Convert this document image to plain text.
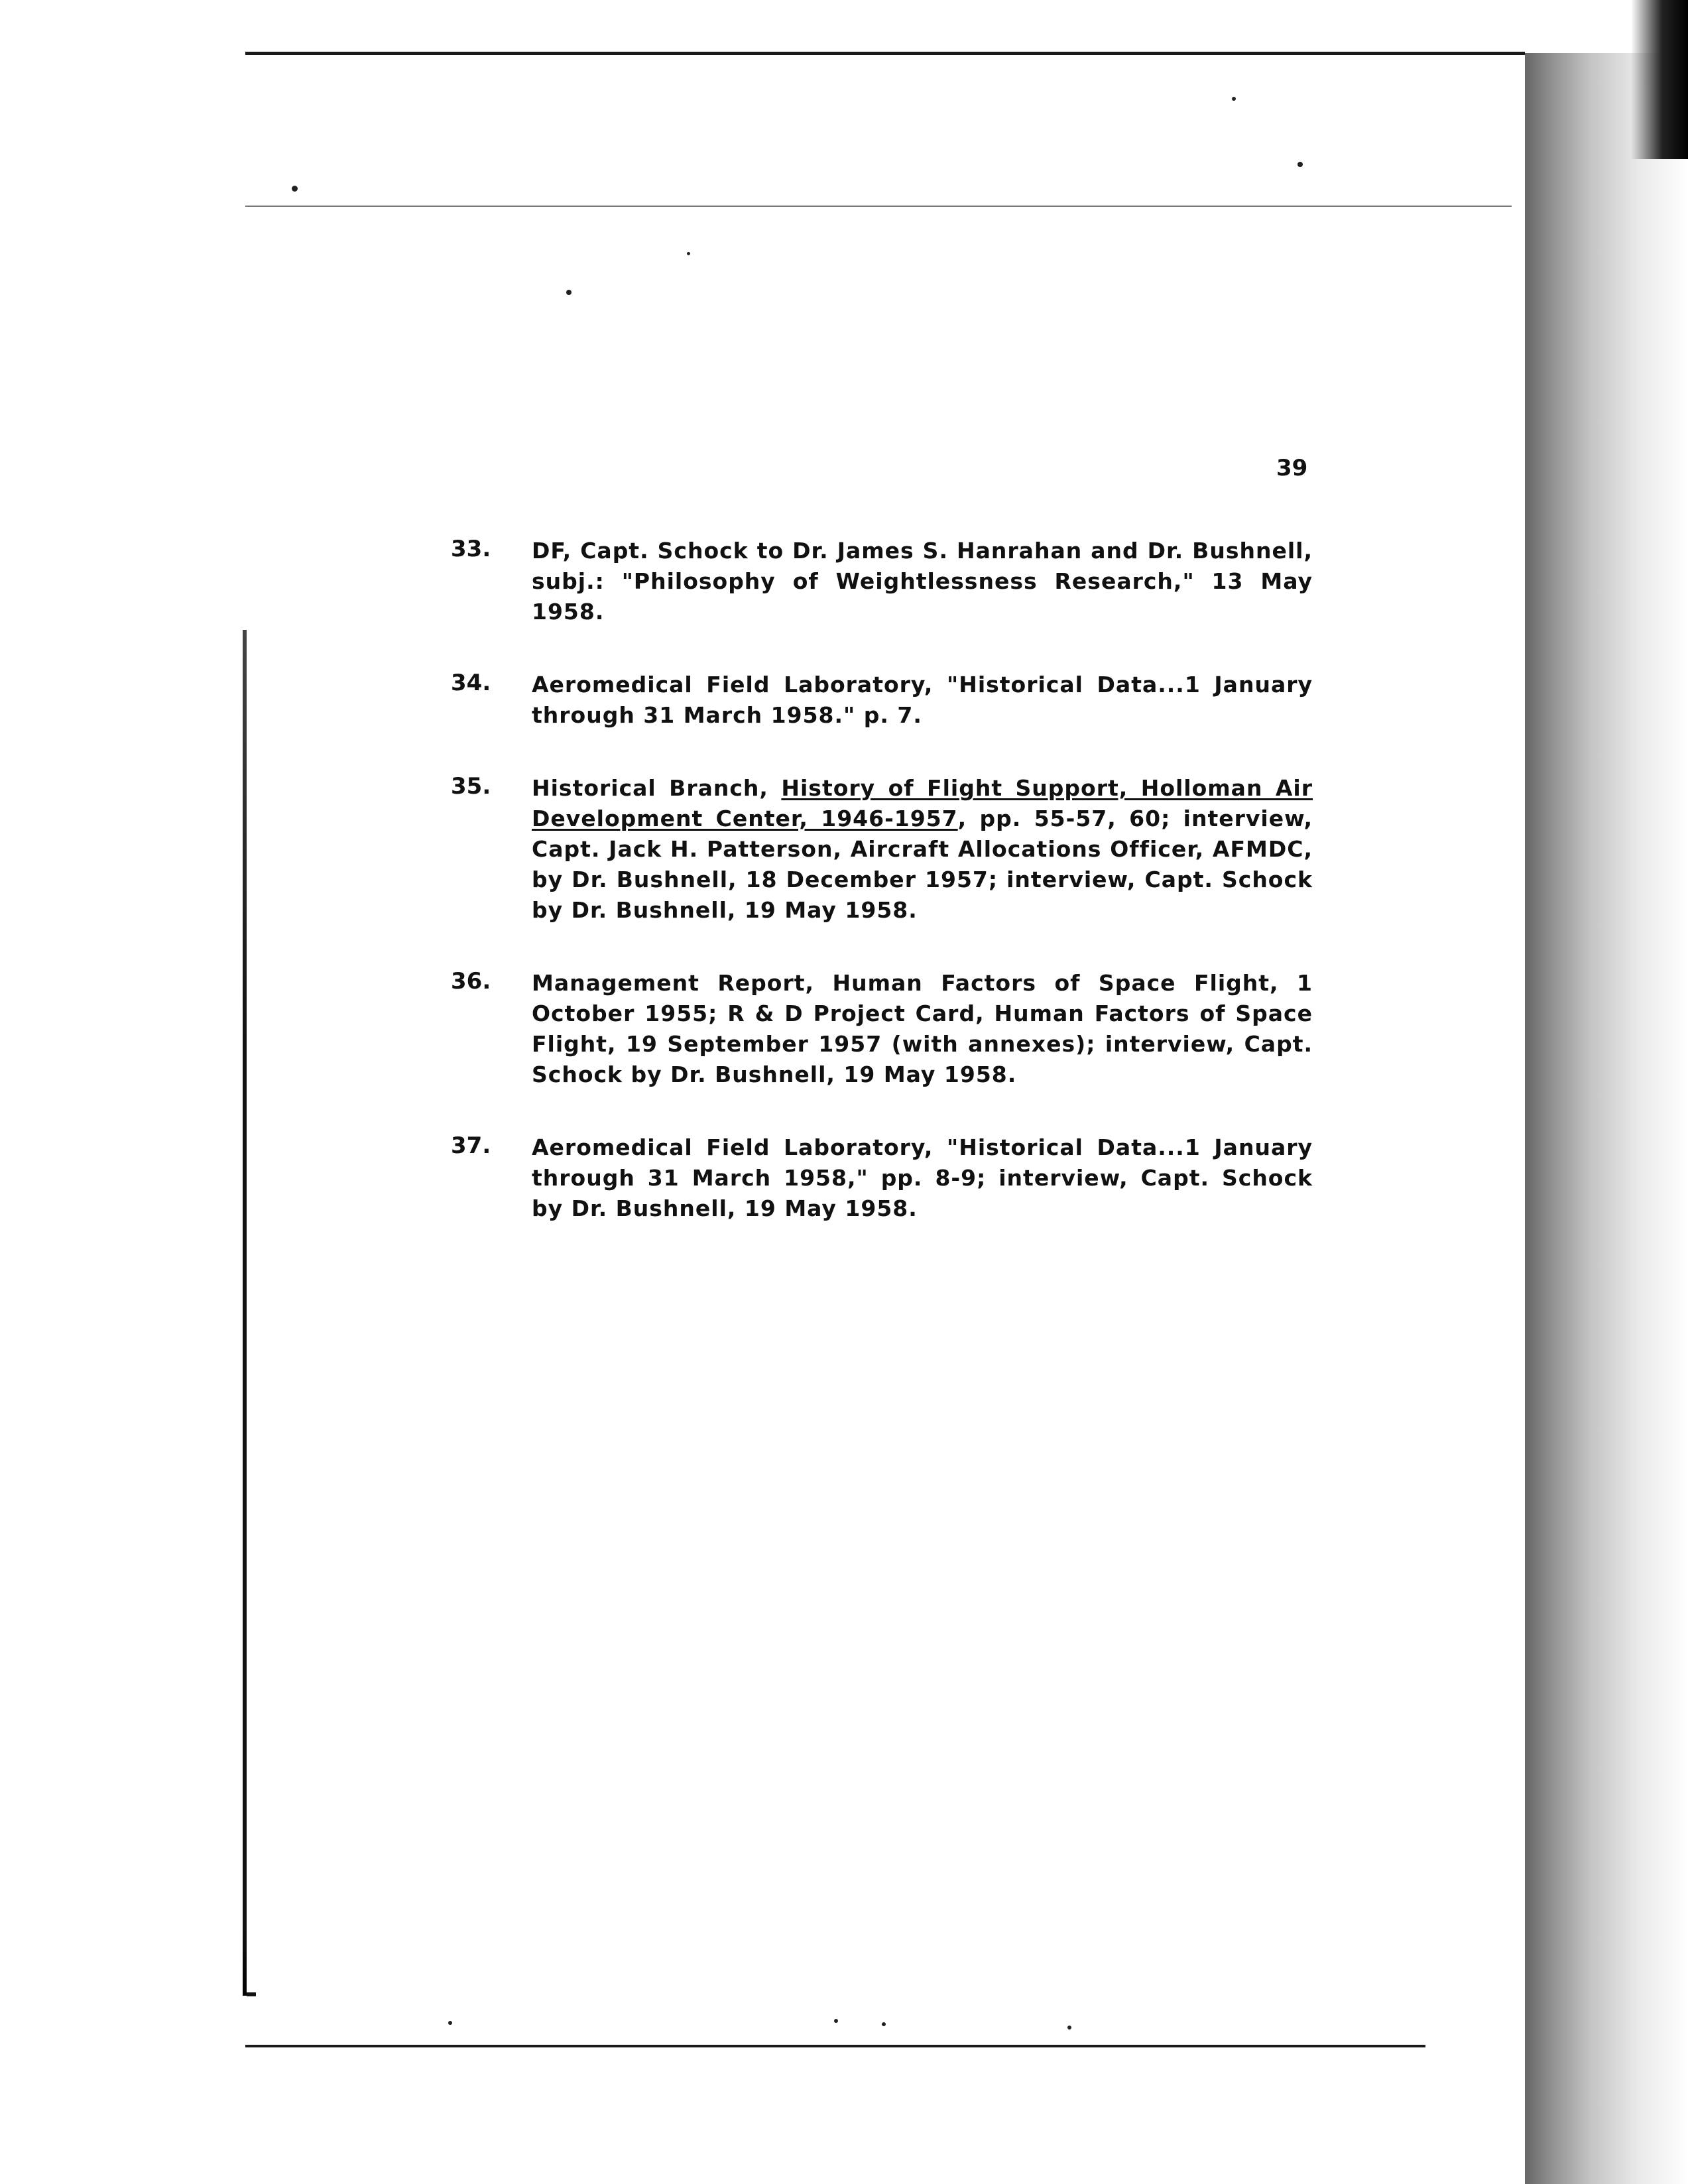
39
33. DF, Capt. Schock to Dr. James S. Hanrahan and Dr. Bushnell, subj.: "Philosophy of Weightlessness Research," 13 May 1958.
34. Aeromedical Field Laboratory, "Historical Data...1 January through 31 March 1958." p. 7.
35. Historical Branch, History of Flight Support, Holloman Air Development Center, 1946-1957, pp. 55-57, 60; interview, Capt. Jack H. Patterson, Aircraft Allocations Officer, AFMDC, by Dr. Bushnell, 18 December 1957; interview, Capt. Schock by Dr. Bushnell, 19 May 1958.
36. Management Report, Human Factors of Space Flight, 1 October 1955; R & D Project Card, Human Factors of Space Flight, 19 September 1957 (with annexes); interview, Capt. Schock by Dr. Bushnell, 19 May 1958.
37. Aeromedical Field Laboratory, "Historical Data...1 January through 31 March 1958," pp. 8-9; interview, Capt. Schock by Dr. Bushnell, 19 May 1958.
